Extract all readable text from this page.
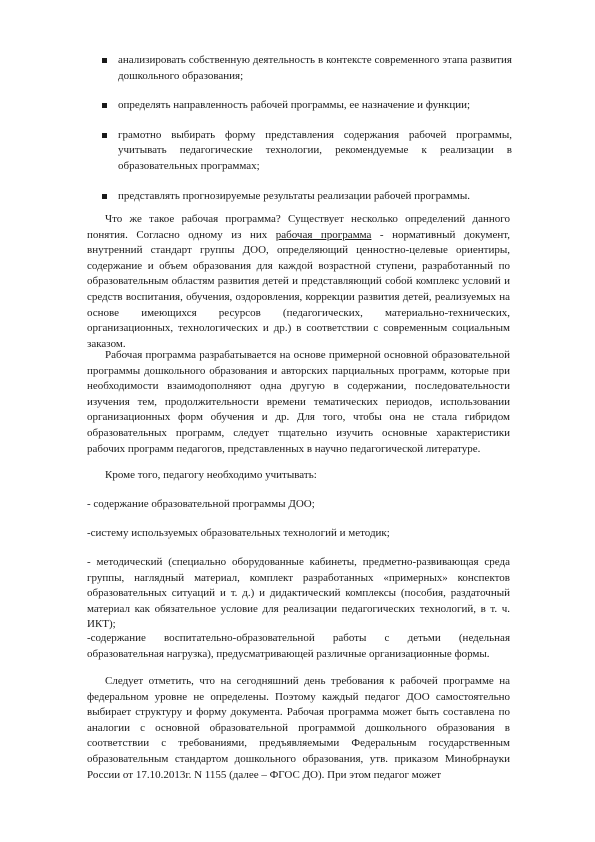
анализировать собственную деятельность в контексте современного этапа развития дошкольного образования;
определять направленность рабочей программы, ее назначение и функции;
грамотно выбирать форму представления содержания рабочей программы, учитывать педагогические технологии, рекомендуемые к реализации в образовательных программах;
представлять прогнозируемые результаты реализации рабочей программы.

Что же такое рабочая программа? Существует несколько определений данного понятия. Согласно одному из них рабочая программа - нормативный документ, внутренний стандарт группы ДОО, определяющий ценностно-целевые ориентиры, содержание и объем образования для каждой возрастной ступени, разработанный по образовательным областям развития детей и представляющий собой комплекс условий и средств воспитания, обучения, оздоровления, коррекции развития детей, реализуемых на основе имеющихся ресурсов (педагогических, материально-технических, организационных, технологических и др.) в соответствии с современным социальным заказом.

Рабочая программа разрабатывается на основе примерной основной образовательной программы дошкольного образования и авторских парциальных программ, которые при необходимости взаимодополняют одна другую в содержании, последовательности изучения тем, продолжительности времени тематических периодов, использовании организационных форм обучения и др. Для того, чтобы она не стала гибридом образовательных программ, следует тщательно изучить основные характеристики рабочих программ педагогов, представленных в научно педагогической литературе.

Кроме того, педагогу необходимо учитывать:

- содержание образовательной программы ДОО;

-систему используемых образовательных технологий и методик;

- методический (специально оборудованные кабинеты, предметно-развивающая среда группы, наглядный материал, комплект разработанных «примерных» конспектов образовательных ситуаций и т. д.) и дидактический комплексы (пособия, раздаточный материал как обязательное условие для реализации педагогических технологий, в т. ч. ИКТ);

-содержание воспитательно-образовательной работы с детьми (недельная образовательная нагрузка), предусматривающей различные организационные формы.

Следует отметить, что на сегодняшний день требования к рабочей программе на федеральном уровне не определены. Поэтому каждый педагог ДОО самостоятельно выбирает структуру и форму документа. Рабочая программа может быть составлена по аналогии с основной образовательной программой дошкольного образования в соответствии с требованиями, предъявляемыми Федеральным государственным образовательным стандартом дошкольного образования, утв. приказом Минобрнауки России от 17.10.2013г. N 1155 (далее – ФГОС ДО). При этом педагог может
